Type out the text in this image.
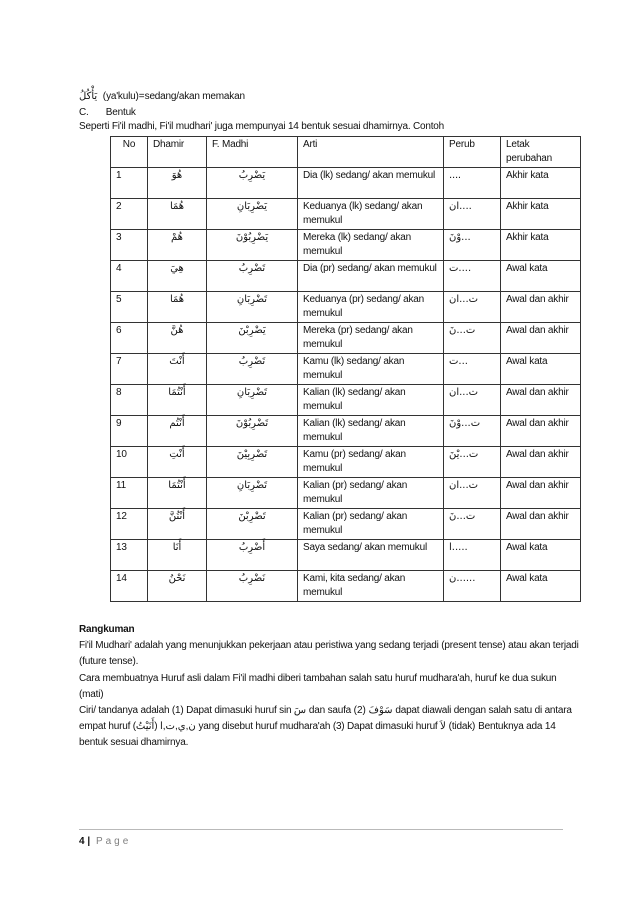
يَأْكُلُ (ya'kulu)=sedang/akan memakan
C. Bentuk
Seperti Fi'il madhi, Fi'il mudhari' juga mempunyai 14 bentuk sesuai dhamirnya. Contoh
No	Dhamir	F. Madhi	Arti	Perub	Letak perubahan
1	هُوَ	يَضْرِبُ	Dia (lk) sedang/ akan memukul	....	Akhir kata
2	هُمَا	يَضْرِبَانِ	Keduanya (lk) sedang/ akan memukul	....ان	Akhir kata
3	هُمْ	يَضْرِبُوْنَ	Mereka (lk) sedang/ akan memukul	...وْنَ	Akhir kata
4	هِيَ	تَضْرِبُ	Dia (pr) sedang/ akan memukul	....ت	Awal kata
5	هُمَا	تَضْرِبَانِ	Keduanya (pr) sedang/ akan memukul	ت...ان	Awal dan akhir
6	هُنَّ	يَضْرِبْنَ	Mereka (pr) sedang/ akan memukul	ت...نَ	Awal dan akhir
7	أَنْتَ	تَضْرِبُ	Kamu (lk) sedang/ akan memukul	...ت	Awal kata
8	أَنْتُمَا	تَضْرِبَانِ	Kalian (lk) sedang/ akan memukul	ت...ان	Awal dan akhir
9	أَنْتُم	تَضْرِبُوْنَ	Kalian (lk) sedang/ akan memukul	ت...وْنَ	Awal dan akhir
10	أَنْتِ	تَضْرِبِيْنَ	Kamu (pr) sedang/ akan memukul	ت...يْنَ	Awal dan akhir
11	أَنْتُمَا	تَضْرِبَانِ	Kalian (pr) sedang/ akan memukul	ت...ان	Awal dan akhir
12	أَنْتُنَّ	تَضْرِبْنَ	Kalian (pr) sedang/ akan memukul	ت...نَ	Awal dan akhir
13	أَنَا	أَضْرِبُ	Saya sedang/ akan memukul	.....ا	Awal kata
14	نَحْنُ	نَضْرِبُ	Kami, kita sedang/ akan memukul	......ن	Awal kata

Rangkuman

Fi'il Mudhari' adalah yang menunjukkan pekerjaan atau peristiwa yang sedang terjadi (present tense) atau akan terjadi (future tense).

Cara membuatnya Huruf asli dalam Fi'il madhi diberi tambahan salah satu huruf mudhara'ah, huruf ke dua sukun (mati)

Ciri/ tandanya adalah (1) Dapat dimasuki huruf sin سَ dan saufa سَوْفَ (2) dapat diawali dengan salah satu di antara empat huruf (أَنَيْتُ) ن,ي,ت,ا yang disebut huruf mudhara'ah (3) Dapat dimasuki huruf لاَ (tidak) Bentuknya ada 14 bentuk sesuai dhamirnya.

4 | Page
